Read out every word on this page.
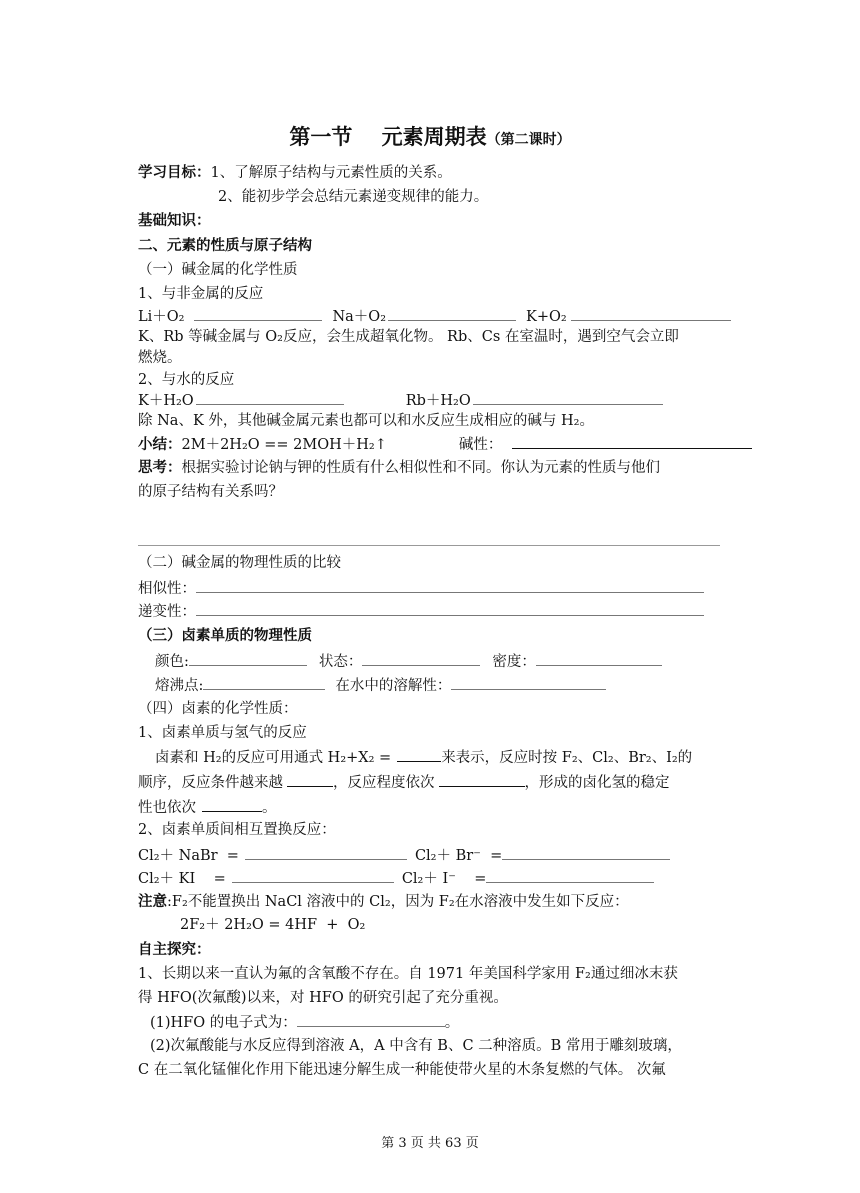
第一节    元素周期表（第二课时）
学习目标：1、了解原子结构与元素性质的关系。
2、能初步学会总结元素递变规律的能力。
基础知识：
二、元素的性质与原子结构
（一）碱金属的化学性质
1、与非金属的反应
Li＋O₂	Na＋O₂	K+O₂
K、Rb 等碱金属与 O₂反应，会生成超氧化物。 Rb、Cs 在室温时，遇到空气会立即
燃烧。
2、与水的反应
K＋H₂O	Rb＋H₂O
除 Na、K 外，其他碱金属元素也都可以和水反应生成相应的碱与 H₂。
小结：2M＋2H₂O == 2MOH＋H₂↑	碱性：
思考：根据实验讨论钠与钾的性质有什么相似性和不同。你认为元素的性质与他们
的原子结构有关系吗？
（二）碱金属的物理性质的比较
相似性：
递变性：
（三）卤素单质的物理性质
颜色:	状态：	密度：
熔沸点:	在水中的溶解性：
（四）卤素的化学性质：
1、卤素单质与氢气的反应
卤素和 H₂的反应可用通式 H₂+X₂ =	来表示，反应时按 F₂、Cl₂、Br₂、I₂的
顺序，反应条件越来越	，反应程度依次	，形成的卤化氢的稳定
性也依次	。
2、卤素单质间相互置换反应：
Cl₂＋ NaBr  =	Cl₂＋ Br⁻  =
Cl₂＋ KI    =	Cl₂＋ I⁻    =
注意:F₂不能置换出 NaCl 溶液中的 Cl₂，因为 F₂在水溶液中发生如下反应：
2F₂＋ 2H₂O = 4HF  +  O₂
自主探究：
1、长期以来一直认为氟的含氧酸不存在。自 1971 年美国科学家用 F₂通过细冰末获
得 HFO(次氟酸)以来，对 HFO 的研究引起了充分重视。
(1)HFO 的电子式为：	。
(2)次氟酸能与水反应得到溶液 A，A 中含有 B、C 二种溶质。B 常用于雕刻玻璃，
C 在二氧化锰催化作用下能迅速分解生成一种能使带火星的木条复燃的气体。 次氟
第 3 页 共 63 页
